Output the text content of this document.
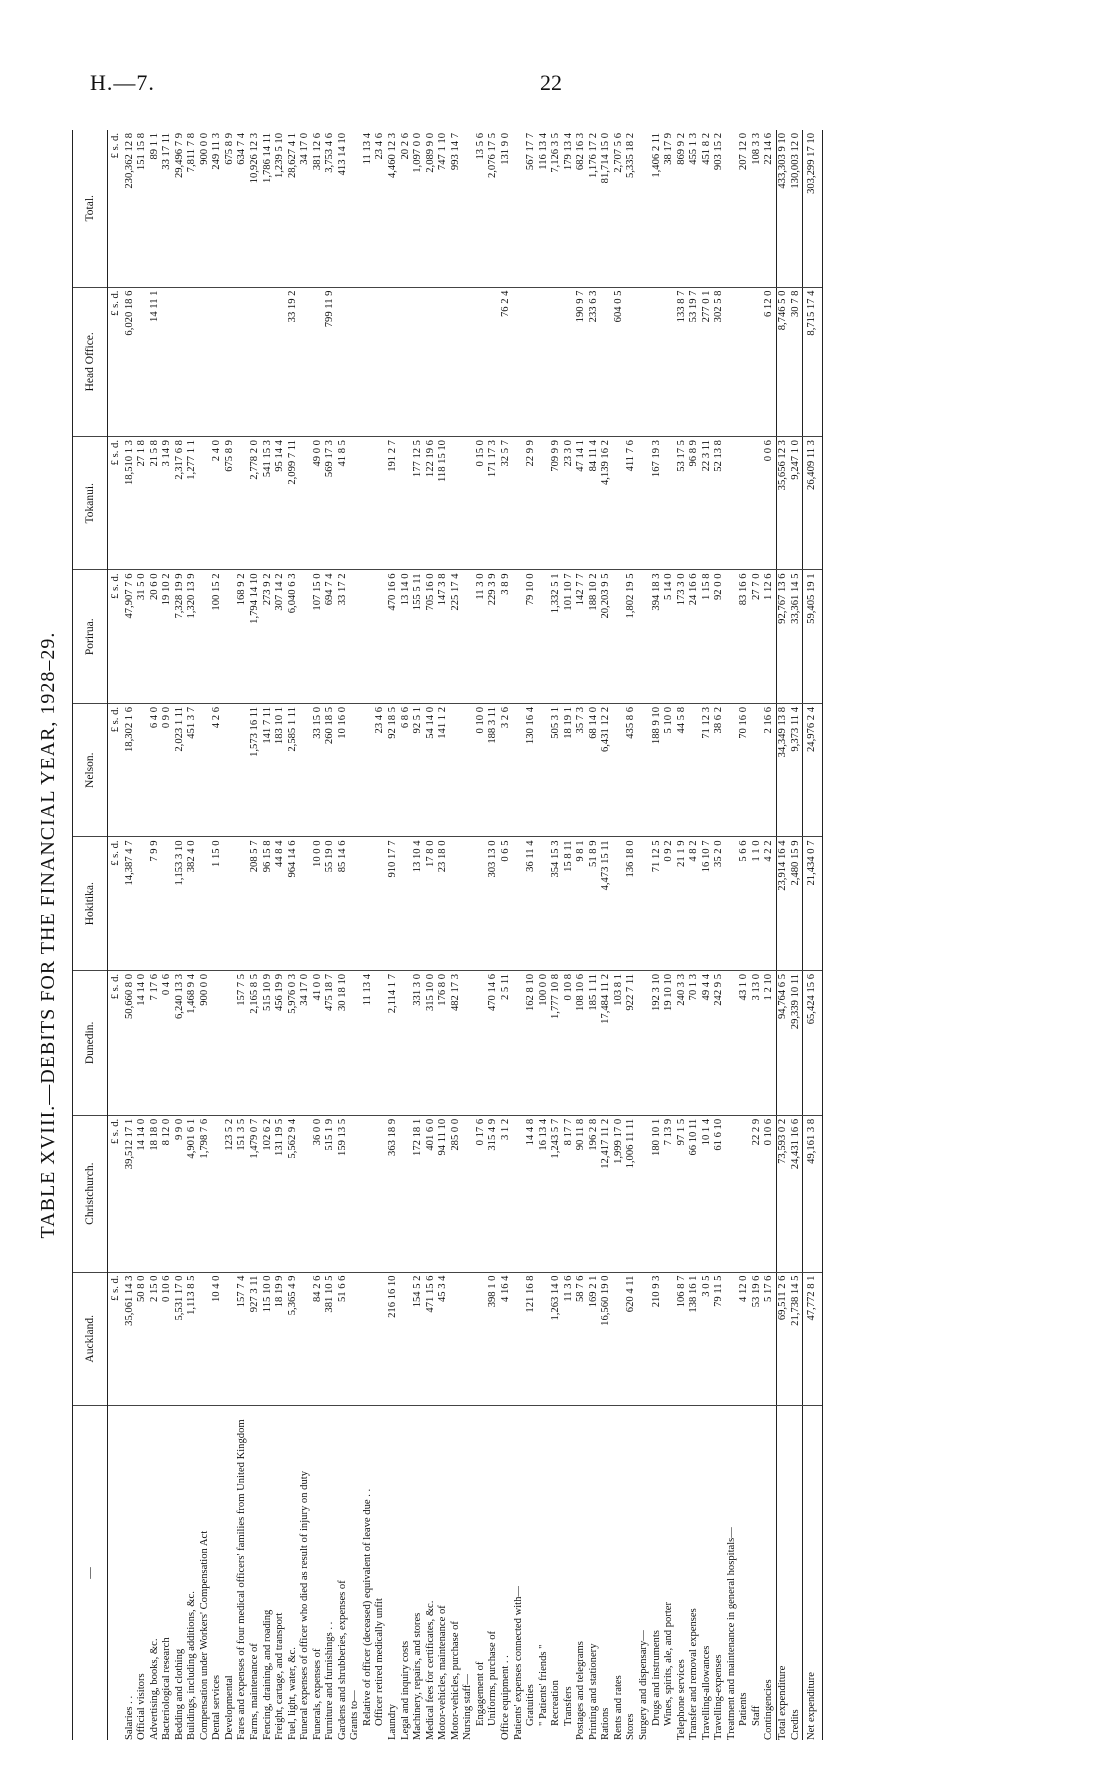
H.—7.	22
TABLE XVIII.—DEBITS FOR THE FINANCIAL YEAR, 1928–29.
—	Auckland.	Christchurch.	Dunedin.	Hokitika.	Nelson.	Porirua.	Tokanui.	Head Office.	Total.
	£ s. d.	£ s. d.	£ s. d.	£ s. d.	£ s. d.	£ s. d.	£ s. d.	£ s. d.	£ s. d.
Salaries . .	35,061 14 3	39,512 17 1	50,660 8 0	14,387 4 7	18,302 1 6	47,907 7 6	18,510 1 3	6,020 18 6	230,362 12 8
Official visitors	50 8 0	14 14 0	14 14 0			31 5 0	27 1 8		151 15 8
Advertising, books, &c.	2 15 0	18 18 0	7 17 6	7 9 9	6 4 0	20 6 0	21 5 8	14 11 1	89 1 1
Bacteriological research	0 10 6	8 12 0	0 4 6		0 9 0	19 10 2	3 14 9		33 17 11
Bedding and clothing	5,531 17 0	9 9 0	6,240 13 3	1,153 3 10	2,023 1 11	7,328 19 9	2,317 6 8		29,496 7 9
Buildings, including additions, &c.	1,113 8 5	4,901 6 1	1,468 9 4	382 4 0	451 3 7	1,320 13 9	1,277 1 1		7,811 7 8
Compensation under Workers' Compensation Act		1,798 7 6	900 0 0						900 0 0
Dental services	10 4 0			1 15 0	4 2 6	100 15 2	2 4 0		249 11 3
Developmental		123 5 2					675 8 9		675 8 9
Fares and expenses of four medical officers' families from United Kingdom	157 7 4	151 3 5	157 7 5			168 9 2			634 7 4
Farms, maintenance of	927 3 11	1,479 0 7	2,165 8 5	208 5 7	1,573 16 11	1,794 14 10	2,778 2 0		10,926 12 3
Fencing, draining, and roading	115 10 0	102 6 2	515 10 9	96 15 8	141 7 11	273 9 2	541 15 3		1,786 14 11
Freight, cartage, and transport	18 19 9	131 19 5	456 19 9	44 8 4	183 10 1	307 14 2	95 14 4		1,239 5 10
Fuel, light, water, &c.	5,365 4 9	5,562 9 4	5,976 0 3	964 14 6	2,585 1 11	6,040 6 3	2,099 7 11	33 19 2	28,627 4 1
Funeral expenses of officer who died as result of injury on duty			34 17 0						34 17 0
Funerals, expenses of	84 2 6	36 0 0	41 0 0	10 0 0	33 15 0	107 15 0	49 0 0		381 12 6
Furniture and furnishings . .	381 10 5	515 1 9	475 18 7	55 19 0	260 18 5	694 7 4	569 17 3	799 11 9	3,753 4 6
Gardens and shrubberies, expenses of	51 6 6	159 13 5	30 18 10	85 14 6	10 16 0	33 17 2	41 8 5		413 14 10
Grants to—									
Relative of officer (deceased) equivalent of leave due . .			11 13 4						11 13 4
Officer retired medically unfit					23 4 6				23 4 6
Laundry	216 16 10	363 18 9	2,114 1 7	910 17 7	92 18 5	470 16 6	191 2 7		4,460 12 3
Legal and inquiry costs					6 8 6	13 14 0			20 2 6
Machinery, repairs, and stores	154 5 2	172 18 1	331 3 0	13 10 4	92 5 1	155 5 11	177 12 5		1,097 0 0
Medical fees for certificates, &c.	471 15 6	401 6 0	315 10 0	17 8 0	54 14 0	705 16 0	122 19 6		2,089 9 0
Motor-vehicles, maintenance of	45 3 4	94 11 10	176 8 0	23 18 0	141 1 2	147 3 8	118 15 10		747 1 10
Motor-vehicles, purchase of		285 0 0	482 17 3			225 17 4			993 14 7
Nursing staff—									
Engagement of		0 17 6			0 10 0	11 3 0	0 15 0		13 5 6
Uniforms, purchase of	398 1 0	315 4 9	470 14 6	303 13 0	188 3 11	229 3 9	171 17 3		2,076 17 5
Office equipment . .	4 16 4	3 1 2	2 5 11	0 6 5	3 2 6	3 8 9	32 5 7	76 2 4	131 9 0
Patients' expenses connected with—									
Gratuities	121 16 8	14 4 8	162 8 10	36 11 4	130 16 4	79 10 0	22 9 9		567 17 7
" Patients' friends "		16 13 4	100 0 0						116 13 4
Recreation	1,263 14 0	1,243 5 7	1,777 10 8	354 15 3	505 3 1	1,332 5 1	709 9 9		7,126 3 5
Transfers	11 3 6	8 17 7	0 10 8	15 8 11	18 19 1	101 10 7	23 3 0		179 13 4
Postages and telegrams	58 7 6	90 11 8	108 10 6	9 8 1	35 7 3	142 7 7	47 14 1	190 9 7	682 16 3
Printing and stationery	169 2 1	196 2 8	185 1 11	51 8 9	68 14 0	188 10 2	84 11 4	233 6 3	1,176 17 2
Rations	16,560 19 0	12,417 11 2	17,484 11 2	4,473 15 11	6,431 12 2	20,203 9 5	4,139 16 2		81,714 15 0
Rents and rates		1,999 17 0	103 8 1					604 0 5	2,707 5 6
Stores	620 4 11	1,006 11 11	922 7 11	136 18 0	435 8 6	1,802 19 5	411 7 6		5,335 18 2
Surgery and dispensary—									
Drugs and instruments	210 9 3	180 10 1	192 3 10	71 12 5	188 9 10	394 18 3	167 19 3		1,406 2 11
Wines, spirits, ale, and porter		7 13 9	19 10 10	0 9 2	5 10 0	5 14 0			38 17 9
Telephone services	106 8 7	97 1 5	240 3 3	21 1 9	44 5 8	173 3 0	53 17 5	133 8 7	869 9 2
Transfer and removal expenses	138 16 1	66 10 11	70 1 3	4 8 2		24 16 6	96 8 9	53 19 7	455 1 3
Travelling-allowances	3 0 5	10 1 4	49 4 4	16 10 7	71 12 3	1 15 8	22 3 11	277 0 1	451 8 2
Travelling-expenses	79 11 5	61 6 10	242 9 5	35 2 0	38 6 2	92 0 0	52 13 8	302 5 8	903 15 2
Treatment and maintenance in general hospitals—									
Patients	4 12 0		43 1 0	5 6 6	70 16 0	83 16 6			207 12 0
Staff	53 19 6	22 2 9	3 13 0	1 1 0		27 7 0			108 3 3
Contingencies	5 17 6	0 10 6	1 2 10	4 2 2	2 16 6	1 12 6	0 0 6	6 12 0	22 14 6
Total expenditure	69,511 2 6	73,593 0 2	94,764 6 5	23,914 16 4	34,349 13 8	92,767 13 6	35,656 12 3	8,746 5 0	433,303 9 10
Credits	21,738 14 5	24,431 16 6	29,339 10 11	2,480 15 9	9,373 11 4	33,361 14 5	9,247 1 0	30 7 8	130,003 12 0
Net expenditure	47,772 8 1	49,161 3 8	65,424 15 6	21,434 0 7	24,976 2 4	59,405 19 1	26,409 11 3	8,715 17 4	303,299 17 10
